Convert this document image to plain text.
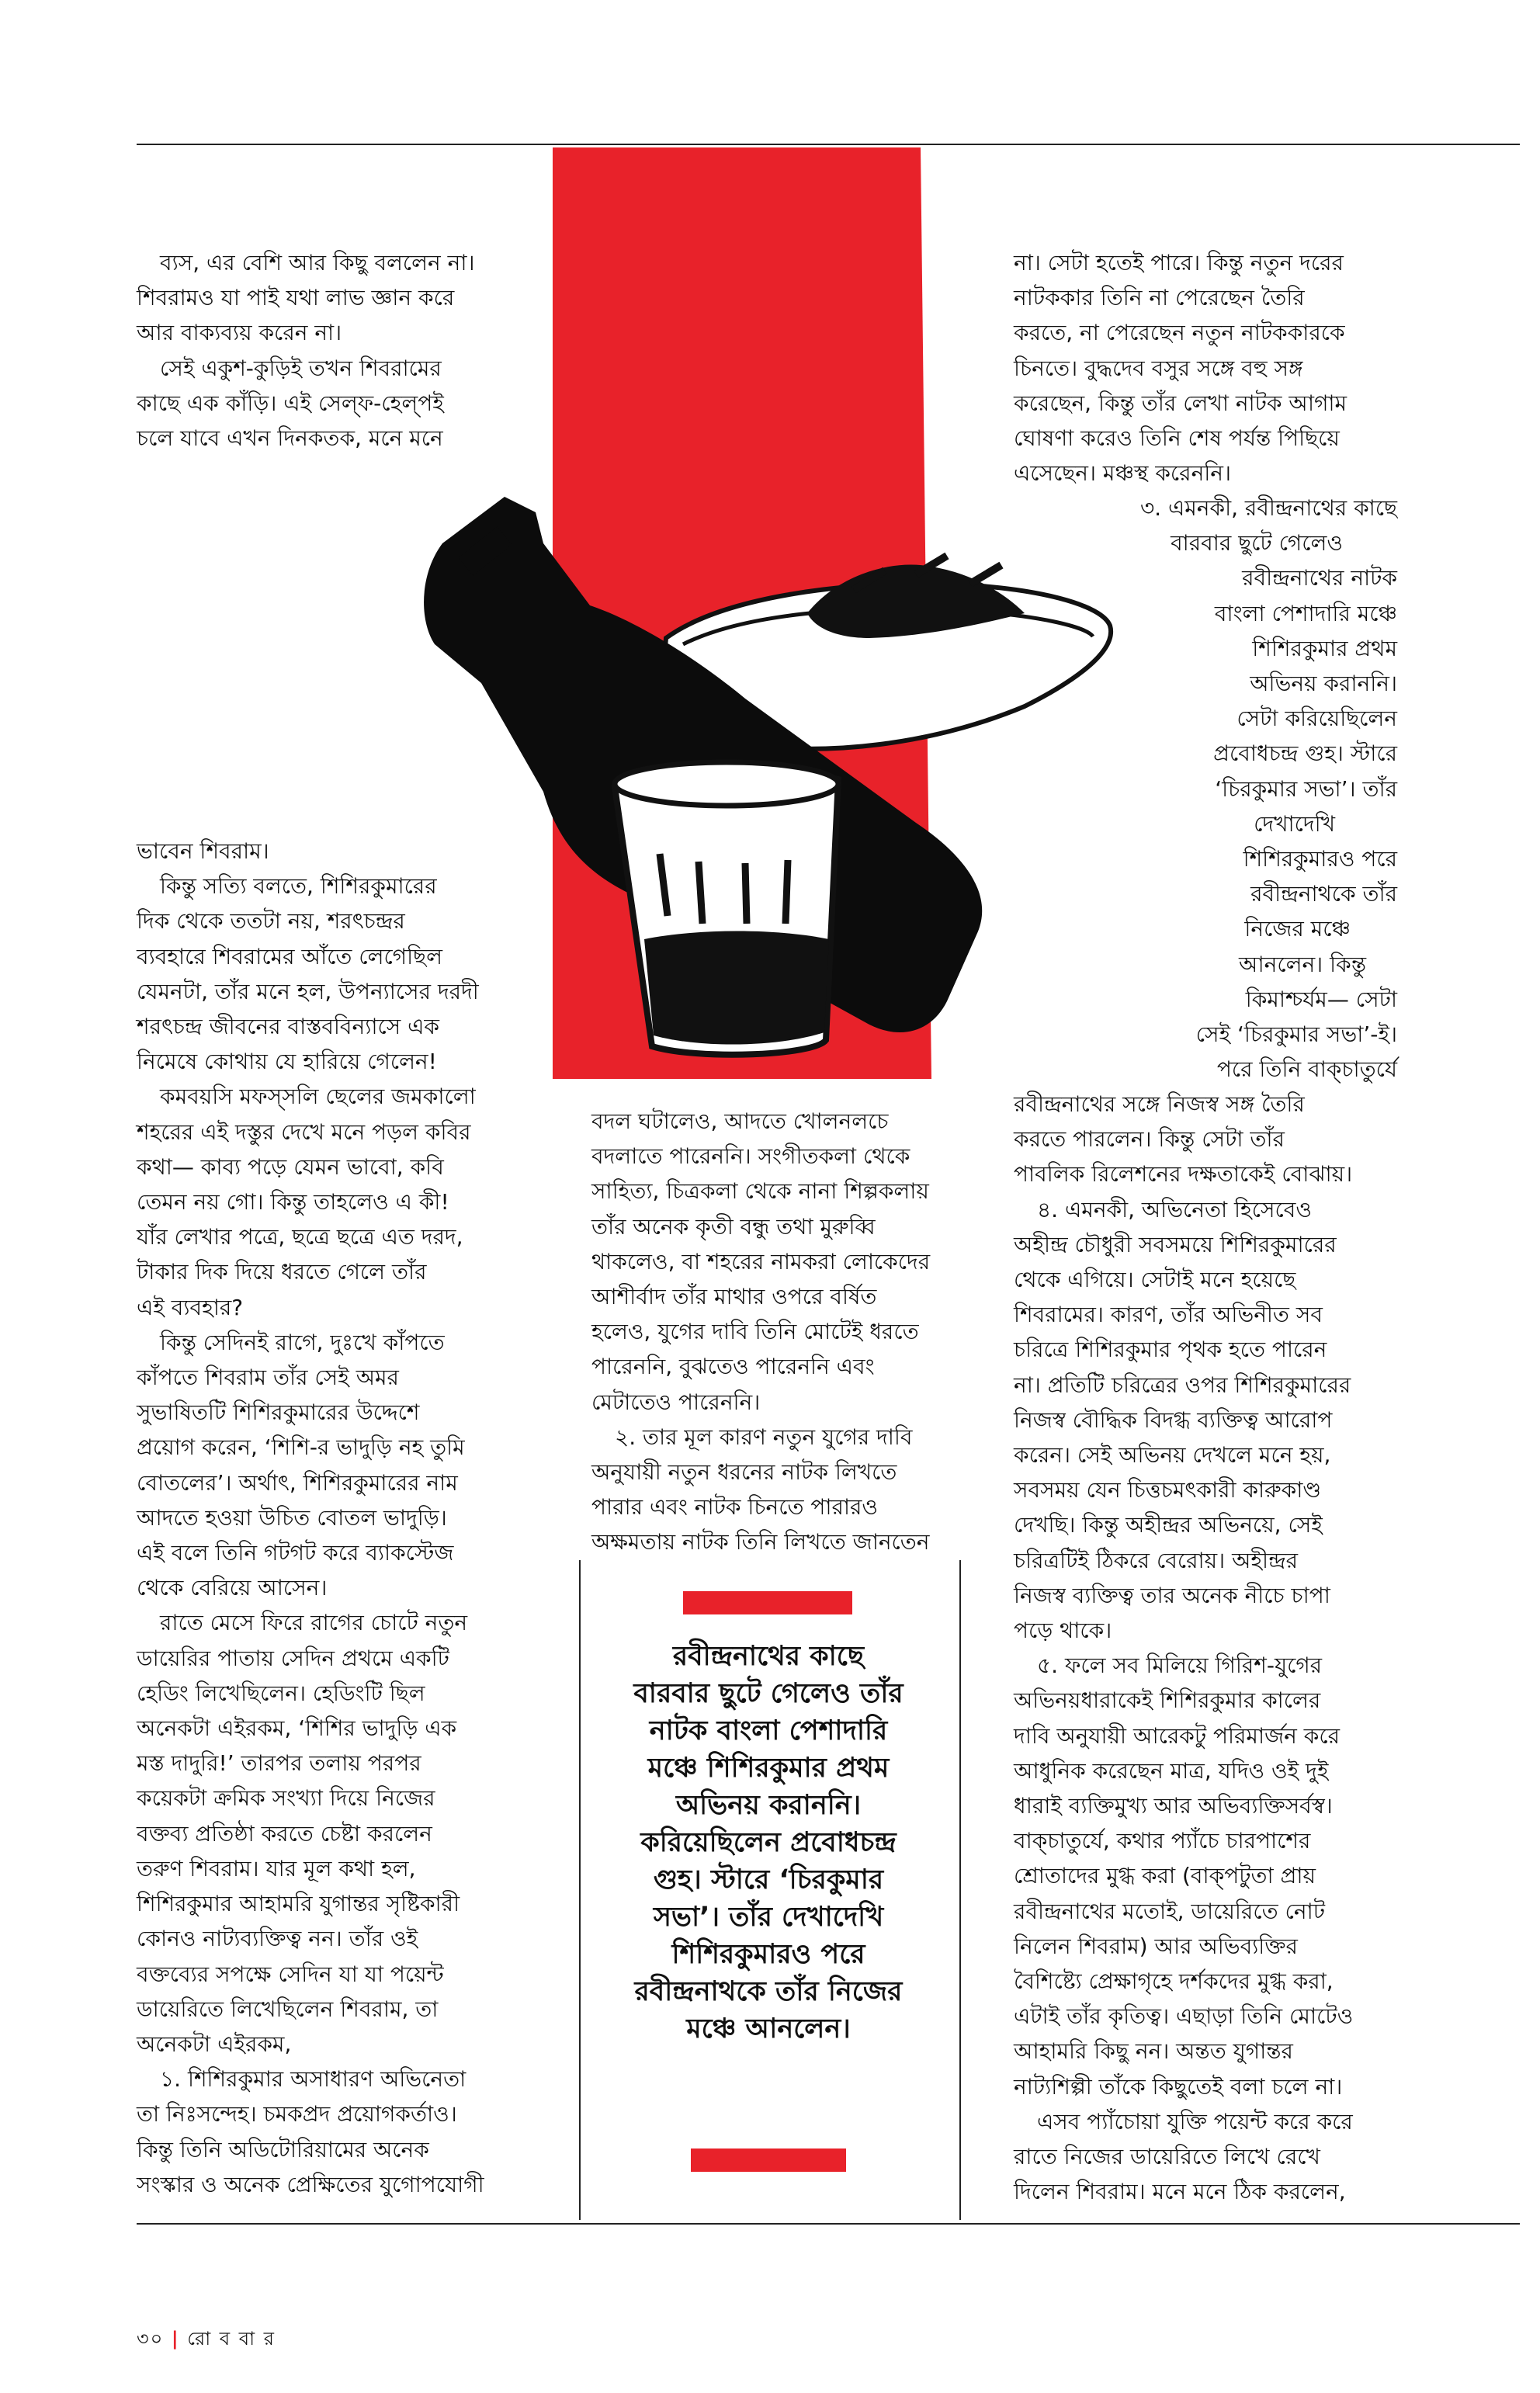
ব্যস, এর বেশি আর কিছু বললেন না।

শিবরামও যা পাই যথা লাভ জ্ঞান করে

আর বাক্যব্যয় করেন না।

সেই একুশ-কুড়িই তখন শিবরামের

কাছে এক কাঁড়ি। এই সেল্‌ফ-হেল্‌পই

চলে যাবে এখন দিনকতক, মনে মনে

ভাবেন শিবরাম।

কিন্তু সত্যি বলতে, শিশিরকুমারের

দিক থেকে ততটা নয়, শরৎচন্দ্রর

ব্যবহারে শিবরামের আঁতে লেগেছিল

যেমনটা, তাঁর মনে হল, উপন্যাসের দরদী

শরৎচন্দ্র জীবনের বাস্তববিন্যাসে এক

নিমেষে কোথায় যে হারিয়ে গেলেন!

কমবয়সি মফস্‌সলি ছেলের জমকালো

শহরের এই দস্তুর দেখে মনে পড়ল কবির

কথা— কাব্য পড়ে যেমন ভাবো, কবি

তেমন নয় গো। কিন্তু তাহলেও এ কী!

যাঁর লেখার পত্রে, ছত্রে ছত্রে এত দরদ,

টাকার দিক দিয়ে ধরতে গেলে তাঁর

এই ব্যবহার?

কিন্তু সেদিনই রাগে, দুঃখে কাঁপতে

কাঁপতে শিবরাম তাঁর সেই অমর

সুভাষিতটি শিশিরকুমারের উদ্দেশে

প্রয়োগ করেন, ‘শিশি-র ভাদুড়ি নহ তুমি

বোতলের’। অর্থাৎ, শিশিরকুমারের নাম

আদতে হওয়া উচিত বোতল ভাদুড়ি।

এই বলে তিনি গটগট করে ব্যাকস্টেজ

থেকে বেরিয়ে আসেন।

রাতে মেসে ফিরে রাগের চোটে নতুন

ডায়েরির পাতায় সেদিন প্রথমে একটি

হেডিং লিখেছিলেন। হেডিংটি ছিল

অনেকটা এইরকম, ‘শিশির ভাদুড়ি এক

মস্ত দাদুরি!’ তারপর তলায় পরপর

কয়েকটা ক্রমিক সংখ্যা দিয়ে নিজের

বক্তব্য প্রতিষ্ঠা করতে চেষ্টা করলেন

তরুণ শিবরাম। যার মূল কথা হল,

শিশিরকুমার আহামরি যুগান্তর সৃষ্টিকারী

কোনও নাট্যব্যক্তিত্ব নন। তাঁর ওই

বক্তব্যের সপক্ষে সেদিন যা যা পয়েন্ট

ডায়েরিতে লিখেছিলেন শিবরাম, তা

অনেকটা এইরকম,

১. শিশিরকুমার অসাধারণ অভিনেতা

তা নিঃসন্দেহ। চমকপ্রদ প্রয়োগকর্তাও।

কিন্তু তিনি অডিটোরিয়ামের অনেক

সংস্কার ও অনেক প্রেক্ষিতের যুগোপযোগী

বদল ঘটালেও, আদতে খোলনলচে

বদলাতে পারেননি। সংগীতকলা থেকে

সাহিত্য, চিত্রকলা থেকে নানা শিল্পকলায়

তাঁর অনেক কৃতী বন্ধু তথা মুরুব্বি

থাকলেও, বা শহরের নামকরা লোকেদের

আশীর্বাদ তাঁর মাথার ওপরে বর্ষিত

হলেও, যুগের দাবি তিনি মোটেই ধরতে

পারেননি, বুঝতেও পারেননি এবং

মেটাতেও পারেননি।

২. তার মূল কারণ নতুন যুগের দাবি

অনুযায়ী নতুন ধরনের নাটক লিখতে

পারার এবং নাটক চিনতে পারারও

অক্ষমতায় নাটক তিনি লিখতে জানতেন

রবীন্দ্রনাথের কাছে
বারবার ছুটে গেলেও তাঁর
নাটক বাংলা পেশাদারি
মঞ্চে শিশিরকুমার প্রথম
অভিনয় করাননি।
করিয়েছিলেন প্রবোধচন্দ্র
গুহ। স্টারে ‘চিরকুমার
সভা’। তাঁর দেখাদেখি
শিশিরকুমারও পরে
রবীন্দ্রনাথকে তাঁর নিজের
মঞ্চে আনলেন।

না। সেটা হতেই পারে। কিন্তু নতুন দরের

নাটককার তিনি না পেরেছেন তৈরি

করতে, না পেরেছেন নতুন নাটককারকে

চিনতে। বুদ্ধদেব বসুর সঙ্গে বহু সঙ্গ

করেছেন, কিন্তু তাঁর লেখা নাটক আগাম

ঘোষণা করেও তিনি শেষ পর্যন্ত পিছিয়ে

এসেছেন। মঞ্চস্থ করেননি।

৩. এমনকী, রবীন্দ্রনাথের কাছে

বারবার ছুটে গেলেও

রবীন্দ্রনাথের নাটক

বাংলা পেশাদারি মঞ্চে

শিশিরকুমার প্রথম

অভিনয় করাননি।

সেটা করিয়েছিলেন

প্রবোধচন্দ্র গুহ। স্টারে

‘চিরকুমার সভা’। তাঁর

দেখাদেখি

শিশিরকুমারও পরে

রবীন্দ্রনাথকে তাঁর

নিজের মঞ্চে

আনলেন। কিন্তু

কিমাশ্চর্যম— সেটা

সেই ‘চিরকুমার সভা’-ই।

পরে তিনি বাক্‌চাতুর্যে

রবীন্দ্রনাথের সঙ্গে নিজস্ব সঙ্গ তৈরি

করতে পারলেন। কিন্তু সেটা তাঁর

পাবলিক রিলেশনের দক্ষতাকেই বোঝায়।

৪. এমনকী, অভিনেতা হিসেবেও

অহীন্দ্র চৌধুরী সবসময়ে শিশিরকুমারের

থেকে এগিয়ে। সেটাই মনে হয়েছে

শিবরামের। কারণ, তাঁর অভিনীত সব

চরিত্রে শিশিরকুমার পৃথক হতে পারেন

না। প্রতিটি চরিত্রের ওপর শিশিরকুমারের

নিজস্ব বৌদ্ধিক বিদগ্ধ ব্যক্তিত্ব আরোপ

করেন। সেই অভিনয় দেখলে মনে হয়,

সবসময় যেন চিত্তচমৎকারী কারুকাণ্ড

দেখছি। কিন্তু অহীন্দ্রর অভিনয়ে, সেই

চরিত্রটিই ঠিকরে বেরোয়। অহীন্দ্রর

নিজস্ব ব্যক্তিত্ব তার অনেক নীচে চাপা

পড়ে থাকে।

৫. ফলে সব মিলিয়ে গিরিশ-যুগের

অভিনয়ধারাকেই শিশিরকুমার কালের

দাবি অনুযায়ী আরেকটু পরিমার্জন করে

আধুনিক করেছেন মাত্র, যদিও ওই দুই

ধারাই ব্যক্তিমুখ্য আর অভিব্যক্তিসর্বস্ব।

বাক্‌চাতুর্যে, কথার প্যাঁচে চারপাশের

শ্রোতাদের মুগ্ধ করা (বাক্‌পটুতা প্রায়

রবীন্দ্রনাথের মতোই, ডায়েরিতে নোট

নিলেন শিবরাম) আর অভিব্যক্তির

বৈশিষ্ট্যে প্রেক্ষাগৃহে দর্শকদের মুগ্ধ করা,

এটাই তাঁর কৃতিত্ব। এছাড়া তিনি মোটেও

আহামরি কিছু নন। অন্তত যুগান্তর

নাট্যশিল্পী তাঁকে কিছুতেই বলা চলে না।

এসব প্যাঁচোয়া যুক্তি পয়েন্ট করে করে

রাতে নিজের ডায়েরিতে লিখে রেখে

দিলেন শিবরাম। মনে মনে ঠিক করলেন,

৩০ | রো ব বা র
